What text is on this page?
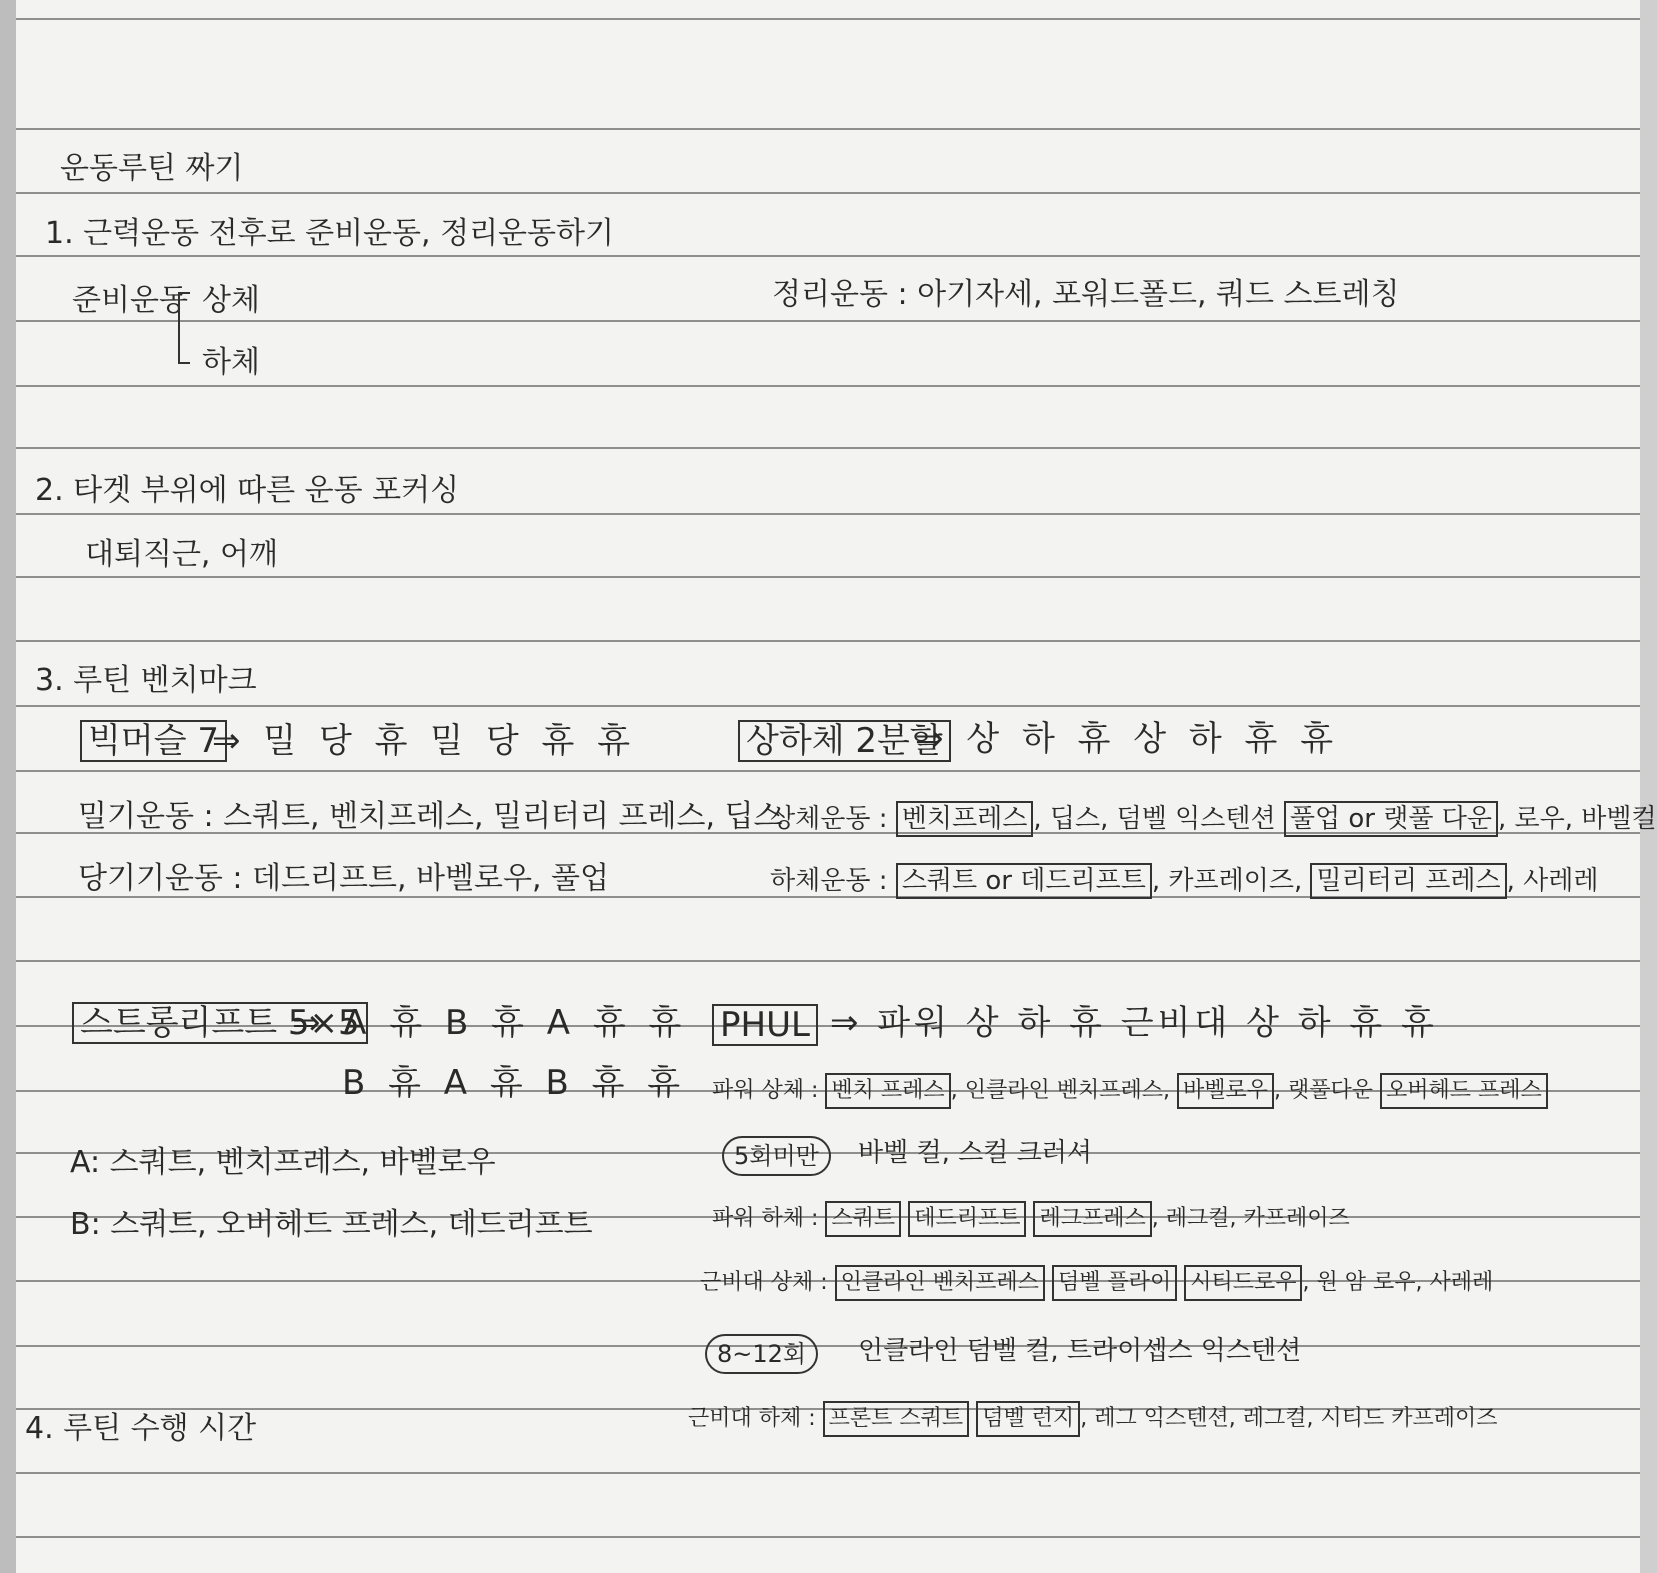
운동루틴 짜기
1. 근력운동 전후로 준비운동, 정리운동하기
준비운동 상체
하체
정리운동 : 아기자세, 포워드폴드, 쿼드 스트레칭
2. 타겟 부위에 따른 운동 포커싱
대퇴직근, 어깨
3. 루틴 벤치마크
빅머슬 7
⇒ 밀 당 휴 밀 당 휴 휴
밀기운동 : 스쿼트, 벤치프레스, 밀리터리 프레스, 딥스
당기기운동 : 데드리프트, 바벨로우, 풀업
상하체 2분할
⇒ 상 하 휴 상 하 휴 휴
상체운동 : 벤치프레스 , 딥스, 덤벨 익스텐션 풀업 or 랫풀 다운 , 로우, 바벨컬
하체운동 : 스쿼트 or 데드리프트 , 카프레이즈, 밀리터리 프레스 , 사레레
스트롱리프트 5×5
⇒ A 휴 B 휴 A 휴 휴
B 휴 A 휴 B 휴 휴
A: 스쿼트, 벤치프레스, 바벨로우
B: 스쿼트, 오버헤드 프레스, 데드리프트
PHUL ⇒ 파워 상 하 휴 근비대 상 하 휴 휴
파워 상체 : 벤치 프레스 , 인클라인 벤치프레스, 바벨로우 , 랫풀다운 오버헤드 프레스
5회미만	바벨 컬, 스컬 크러셔
파워 하체 : 스쿼트 데드리프트 레그프레스 , 레그컬, 카프레이즈
근비대 상체 : 인클라인 벤치프레스 덤벨 플라이 시티드로우 , 원 암 로우, 사레레
8~12회	인클라인 덤벨 컬, 트라이셉스 익스텐션
4. 루틴 수행 시간	근비대 하체 : 프론트 스쿼트 덤벨 런지 , 레그 익스텐션, 레그컬, 시티드 카프레이즈
